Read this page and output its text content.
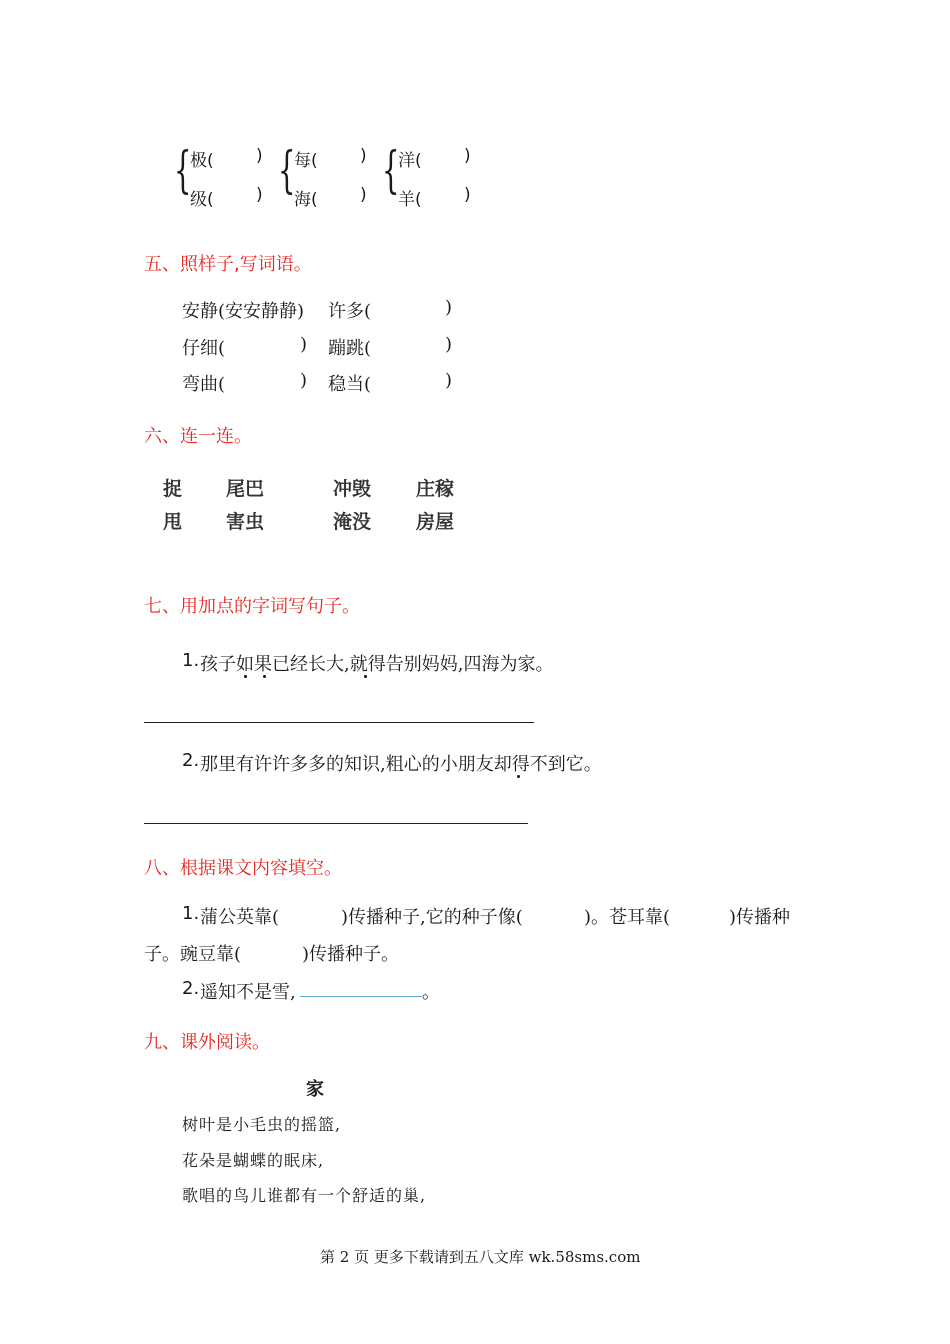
{
极( )
级( ) {
每( )
海( ) {
洋( )
羊( )
五、照样子,写词语。
安静(安安静静) 许多(	)
仔细(	) 蹦跳(	)
弯曲(	) 稳当(	)
六、连一连。
捉 尾巴	冲毁 庄稼
甩 害虫	淹没 房屋
七、用加点的字词写句子。
1. 孩子如果已经长大,就得告别妈妈,四海为家。
2. 那里有许许多多的知识,粗心的小朋友却得不到它。
八、根据课文内容填空。
1. 蒲公英靠(	)传播种子,它的种子像(	)。苍耳靠(	)传播种
子。豌豆靠(	)传播种子。
2. 遥知不是雪,	。
九、课外阅读。
家
树叶是小毛虫的摇篮,
花朵是蝴蝶的眠床,
歌唱的鸟儿谁都有一个舒适的巢,
第 2 页 更多下载请到五八文库 wk.58sms.com
